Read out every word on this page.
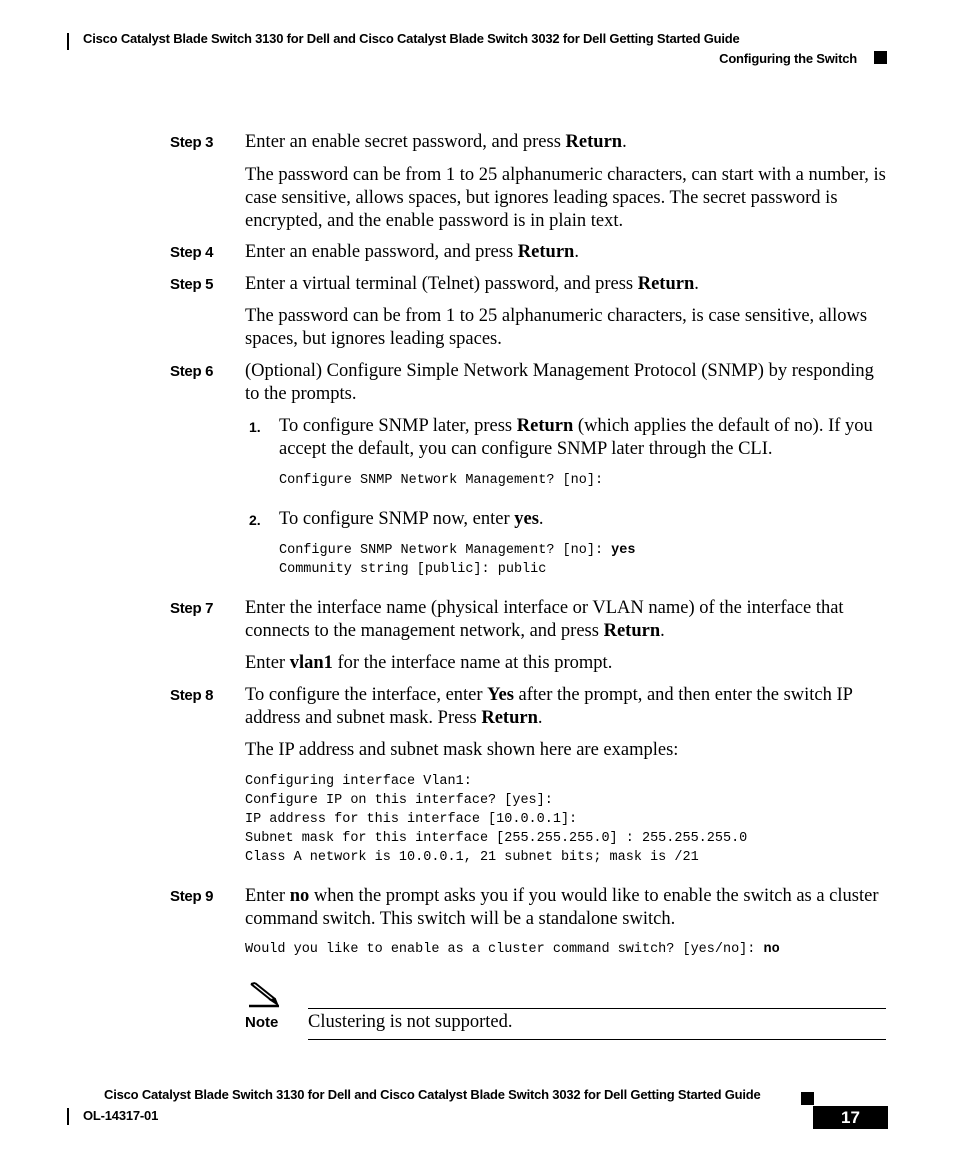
Cisco Catalyst Blade Switch 3130 for Dell and Cisco Catalyst Blade Switch 3032 for Dell Getting Started Guide
Configuring the Switch
Step 3 Enter an enable secret password, and press Return.
The password can be from 1 to 25 alphanumeric characters, can start with a number, is case sensitive, allows spaces, but ignores leading spaces. The secret password is encrypted, and the enable password is in plain text.
Step 4 Enter an enable password, and press Return.
Step 5 Enter a virtual terminal (Telnet) password, and press Return.
The password can be from 1 to 25 alphanumeric characters, is case sensitive, allows spaces, but ignores leading spaces.
Step 6 (Optional) Configure Simple Network Management Protocol (SNMP) by responding to the prompts.
1. To configure SNMP later, press Return (which applies the default of no). If you accept the default, you can configure SNMP later through the CLI.
Configure SNMP Network Management? [no]:
2. To configure SNMP now, enter yes.
Configure SNMP Network Management? [no]: yes
Community string [public]: public
Step 7 Enter the interface name (physical interface or VLAN name) of the interface that connects to the management network, and press Return.
Enter vlan1 for the interface name at this prompt.
Step 8 To configure the interface, enter Yes after the prompt, and then enter the switch IP address and subnet mask. Press Return.
The IP address and subnet mask shown here are examples:
Configuring interface Vlan1:
Configure IP on this interface? [yes]:
IP address for this interface [10.0.0.1]:
Subnet mask for this interface [255.255.255.0] : 255.255.255.0
Class A network is 10.0.0.1, 21 subnet bits; mask is /21
Step 9 Enter no when the prompt asks you if you would like to enable the switch as a cluster command switch. This switch will be a standalone switch.
Would you like to enable as a cluster command switch? [yes/no]: no
Note Clustering is not supported.
Cisco Catalyst Blade Switch 3130 for Dell and Cisco Catalyst Blade Switch 3032 for Dell Getting Started Guide
OL-14317-01	17
